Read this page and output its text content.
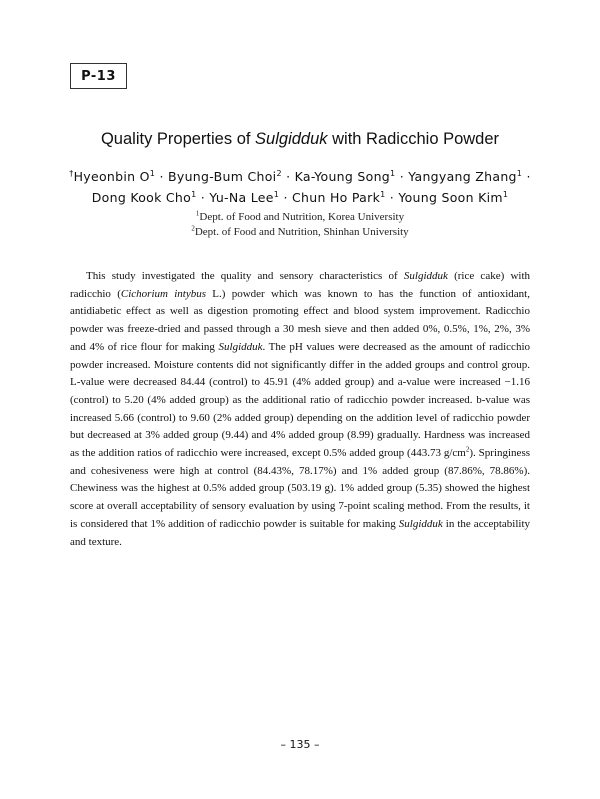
P-13
Quality Properties of Sulgidduk with Radicchio Powder
†Hyeonbin $O^1$ · Byung-Bum Choi$^2$ · Ka-Young Song$^1$ · Yangyang Zhang$^1$ ·
Dong Kook Cho$^1$ · Yu-Na Lee$^1$ · Chun Ho Park$^1$ · Young Soon Kim$^1$
$^1$Dept. of Food and Nutrition, Korea University
$^2$Dept. of Food and Nutrition, Shinhan University
This study investigated the quality and sensory characteristics of Sulgidduk (rice cake) with radicchio (Cichorium intybus L.) powder which was known to has the function of antioxidant, antidiabetic effect as well as digestion promoting effect and blood system improvement. Radicchio powder was freeze-dried and passed through a 30 mesh sieve and then added 0%, 0.5%, 1%, 2%, 3% and 4% of rice flour for making Sulgidduk. The pH values were decreased as the amount of radicchio powder increased. Moisture contents did not significantly differ in the added groups and control group. L-value were decreased 84.44 (control) to 45.91 (4% added group) and a-value were increased −1.16 (control) to 5.20 (4% added group) as the additional ratio of radicchio powder increased. b-value was increased 5.66 (control) to 9.60 (2% added group) depending on the addition level of radicchio powder but decreased at 3% added group (9.44) and 4% added group (8.99) gradually. Hardness was increased as the addition ratios of radicchio were increased, except 0.5% added group (443.73 $g/cm^2$). Springiness and cohesiveness were high at control (84.43%, 78.17%) and 1% added group (87.86%, 78.86%). Chewiness was the highest at 0.5% added group (503.19 g). 1% added group (5.35) showed the highest score at overall acceptability of sensory evaluation by using 7-point scaling method. From the results, it is considered that 1% addition of radicchio powder is suitable for making Sulgidduk in the acceptability and texture.
– 135 –
